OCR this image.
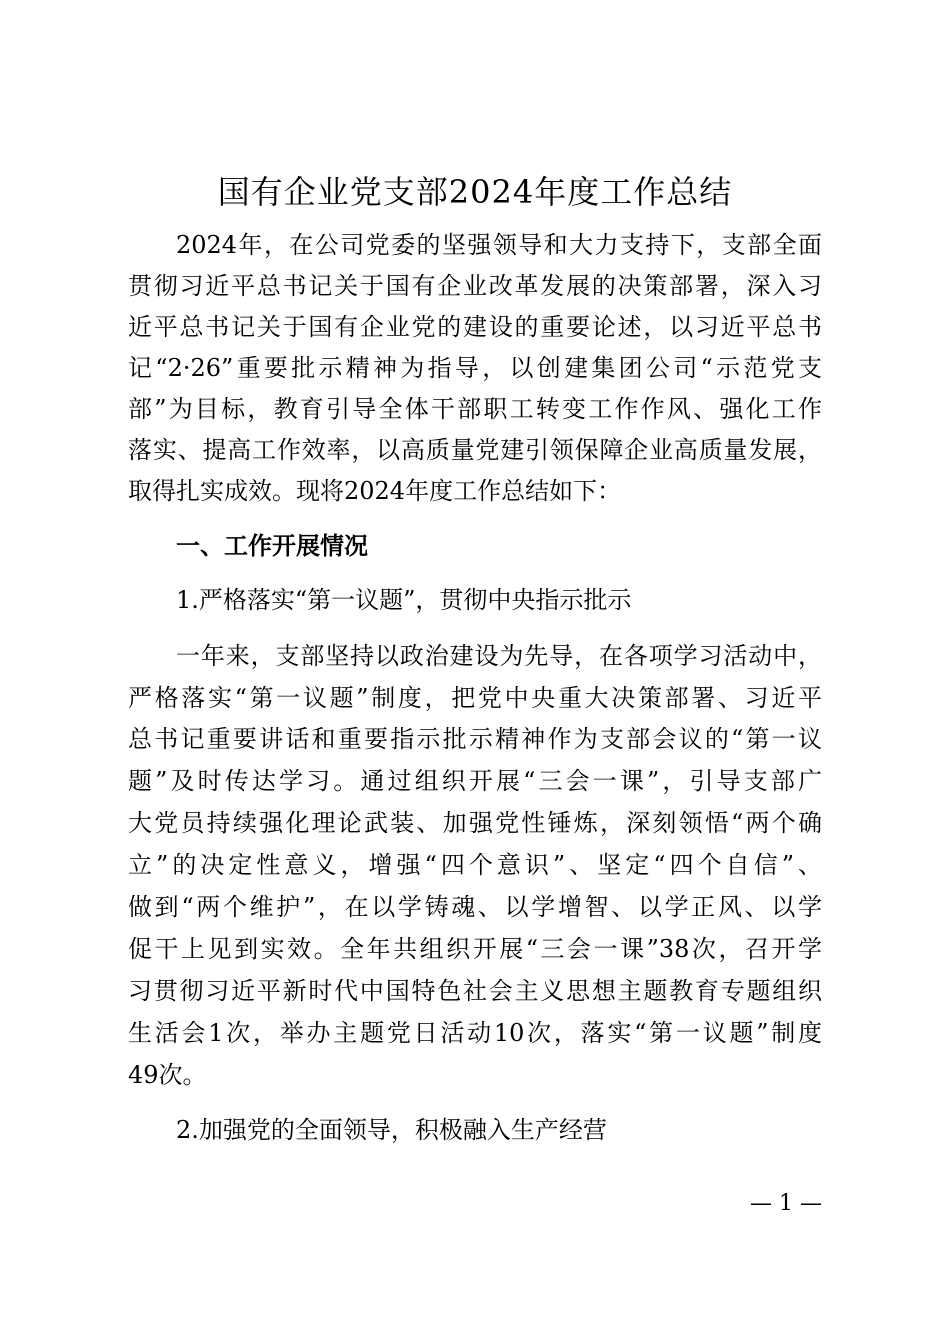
国有企业党支部2024年度工作总结
2024年，在公司党委的坚强领导和大力支持下，支部全面
贯彻习近平总书记关于国有企业改革发展的决策部署，深入习
近平总书记关于国有企业党的建设的重要论述，以习近平总书
记“2·26”重要批示精神为指导，以创建集团公司“示范党支
部”为目标，教育引导全体干部职工转变工作作风、强化工作
落实、提高工作效率，以高质量党建引领保障企业高质量发展，
取得扎实成效。现将2024年度工作总结如下：
一、工作开展情况
1.严格落实“第一议题”，贯彻中央指示批示
一年来，支部坚持以政治建设为先导，在各项学习活动中，
严格落实“第一议题”制度，把党中央重大决策部署、习近平
总书记重要讲话和重要指示批示精神作为支部会议的“第一议
题”及时传达学习。通过组织开展“三会一课”，引导支部广
大党员持续强化理论武装、加强党性锤炼，深刻领悟“两个确
立”的决定性意义，增强“四个意识”、坚定“四个自信”、
做到“两个维护”，在以学铸魂、以学增智、以学正风、以学
促干上见到实效。全年共组织开展“三会一课”38次，召开学
习贯彻习近平新时代中国特色社会主义思想主题教育专题组织
生活会1次，举办主题党日活动10次，落实“第一议题”制度
49次。
2.加强党的全面领导，积极融入生产经营
— 1 —
